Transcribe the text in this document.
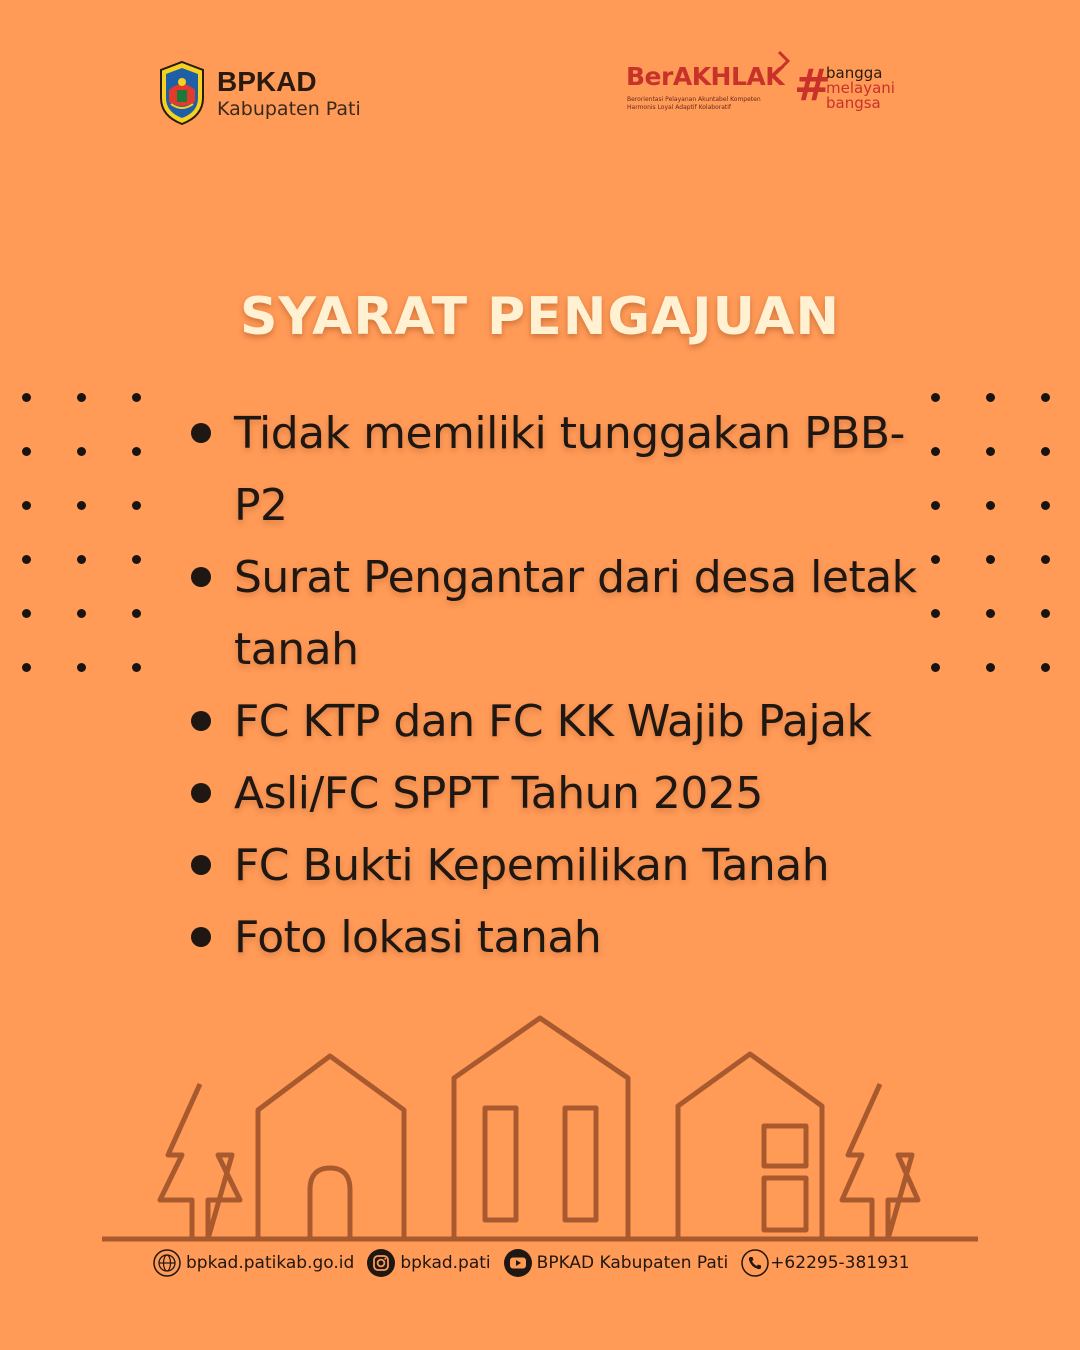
BPKAD
Kabupaten Pati
BerAKHLAK
Berorientasi Pelayanan Akuntabel Kompeten
Harmonis Loyal Adaptif Kolaboratif #
bangga
melayani
bangsa
SYARAT PENGAJUAN
Tidak memiliki tunggakan PBB-P2
Surat Pengantar dari desa letak tanah
FC KTP dan FC KK Wajib Pajak
Asli/FC SPPT Tahun 2025
FC Bukti Kepemilikan Tanah
Foto lokasi tanah
bpkad.patikab.go.id	bpkad.pati	BPKAD Kabupaten Pati +62295-381931
